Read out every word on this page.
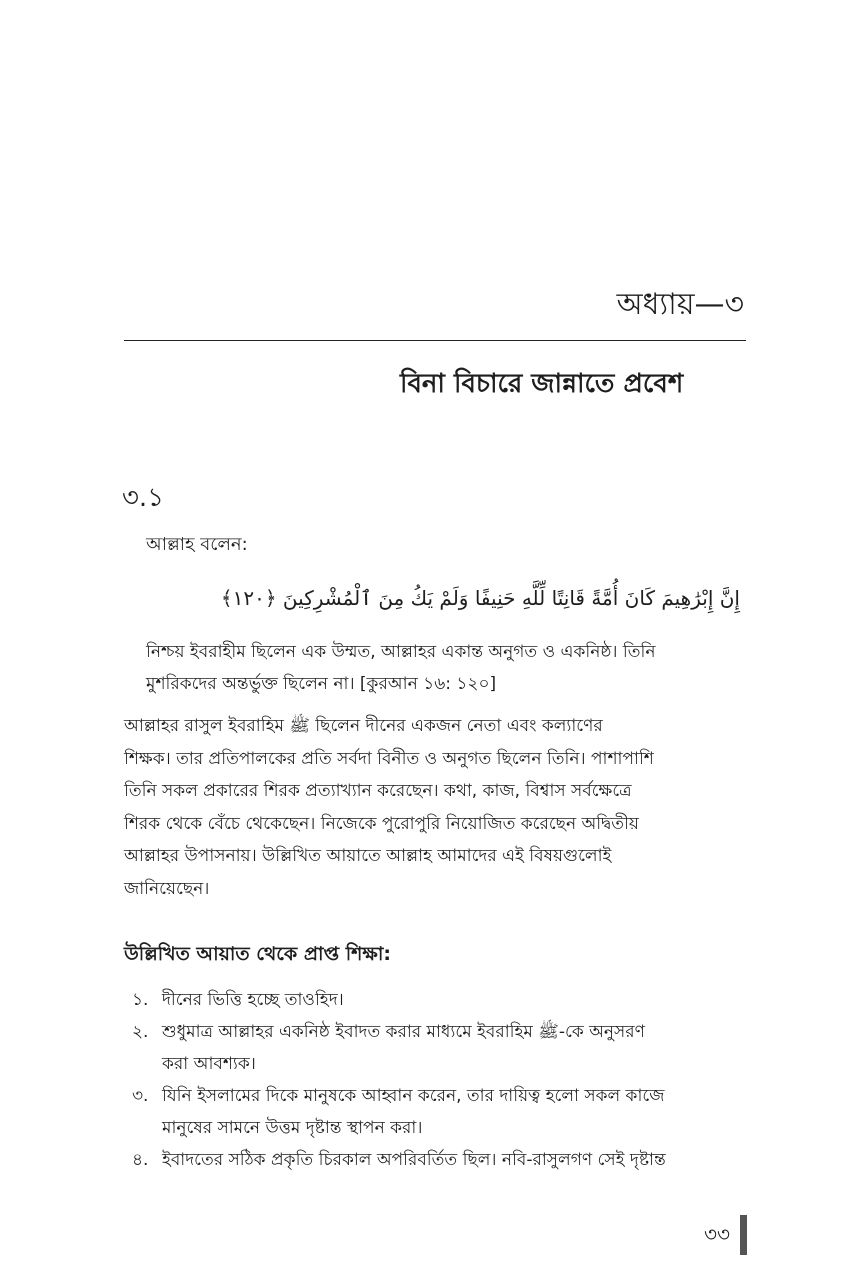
অধ্যায়—৩
বিনা বিচারে জান্নাতে প্রবেশ
৩.১
আল্লাহ বলেন:
إِنَّ إِبْرَٰهِيمَ كَانَ أُمَّةً قَانِتًا لِّلَّهِ حَنِيفًا وَلَمْ يَكُ مِنَ ٱلْمُشْرِكِينَ ﴿١٢٠﴾

নিশ্চয় ইবরাহীম ছিলেন এক উম্মত, আল্লাহর একান্ত অনুগত ও একনিষ্ঠ। তিনি

মুশরিকদের অন্তর্ভুক্ত ছিলেন না। [কুরআন ১৬: ১২০]

আল্লাহর রাসুল ইবরাহিম ﷺ ছিলেন দীনের একজন নেতা এবং কল্যাণের

শিক্ষক। তার প্রতিপালকের প্রতি সর্বদা বিনীত ও অনুগত ছিলেন তিনি। পাশাপাশি

তিনি সকল প্রকারের শিরক প্রত্যাখ্যান করেছেন। কথা, কাজ, বিশ্বাস সর্বক্ষেত্রে

শিরক থেকে বেঁচে থেকেছেন। নিজেকে পুরোপুরি নিয়োজিত করেছেন অদ্বিতীয়

আল্লাহর উপাসনায়। উল্লিখিত আয়াতে আল্লাহ আমাদের এই বিষয়গুলোই

জানিয়েছেন।

উল্লিখিত আয়াত থেকে প্রাপ্ত শিক্ষা:
১. দীনের ভিত্তি হচ্ছে তাওহিদ।
২. শুধুমাত্র আল্লাহর একনিষ্ঠ ইবাদত করার মাধ্যমে ইবরাহিম ﷺ-কে অনুসরণ
করা আবশ্যক।
৩. যিনি ইসলামের দিকে মানুষকে আহ্বান করেন, তার দায়িত্ব হলো সকল কাজে
মানুষের সামনে উত্তম দৃষ্টান্ত স্থাপন করা।
৪. ইবাদতের সঠিক প্রকৃতি চিরকাল অপরিবর্তিত ছিল। নবি-রাসুলগণ সেই দৃষ্টান্ত
৩৩
